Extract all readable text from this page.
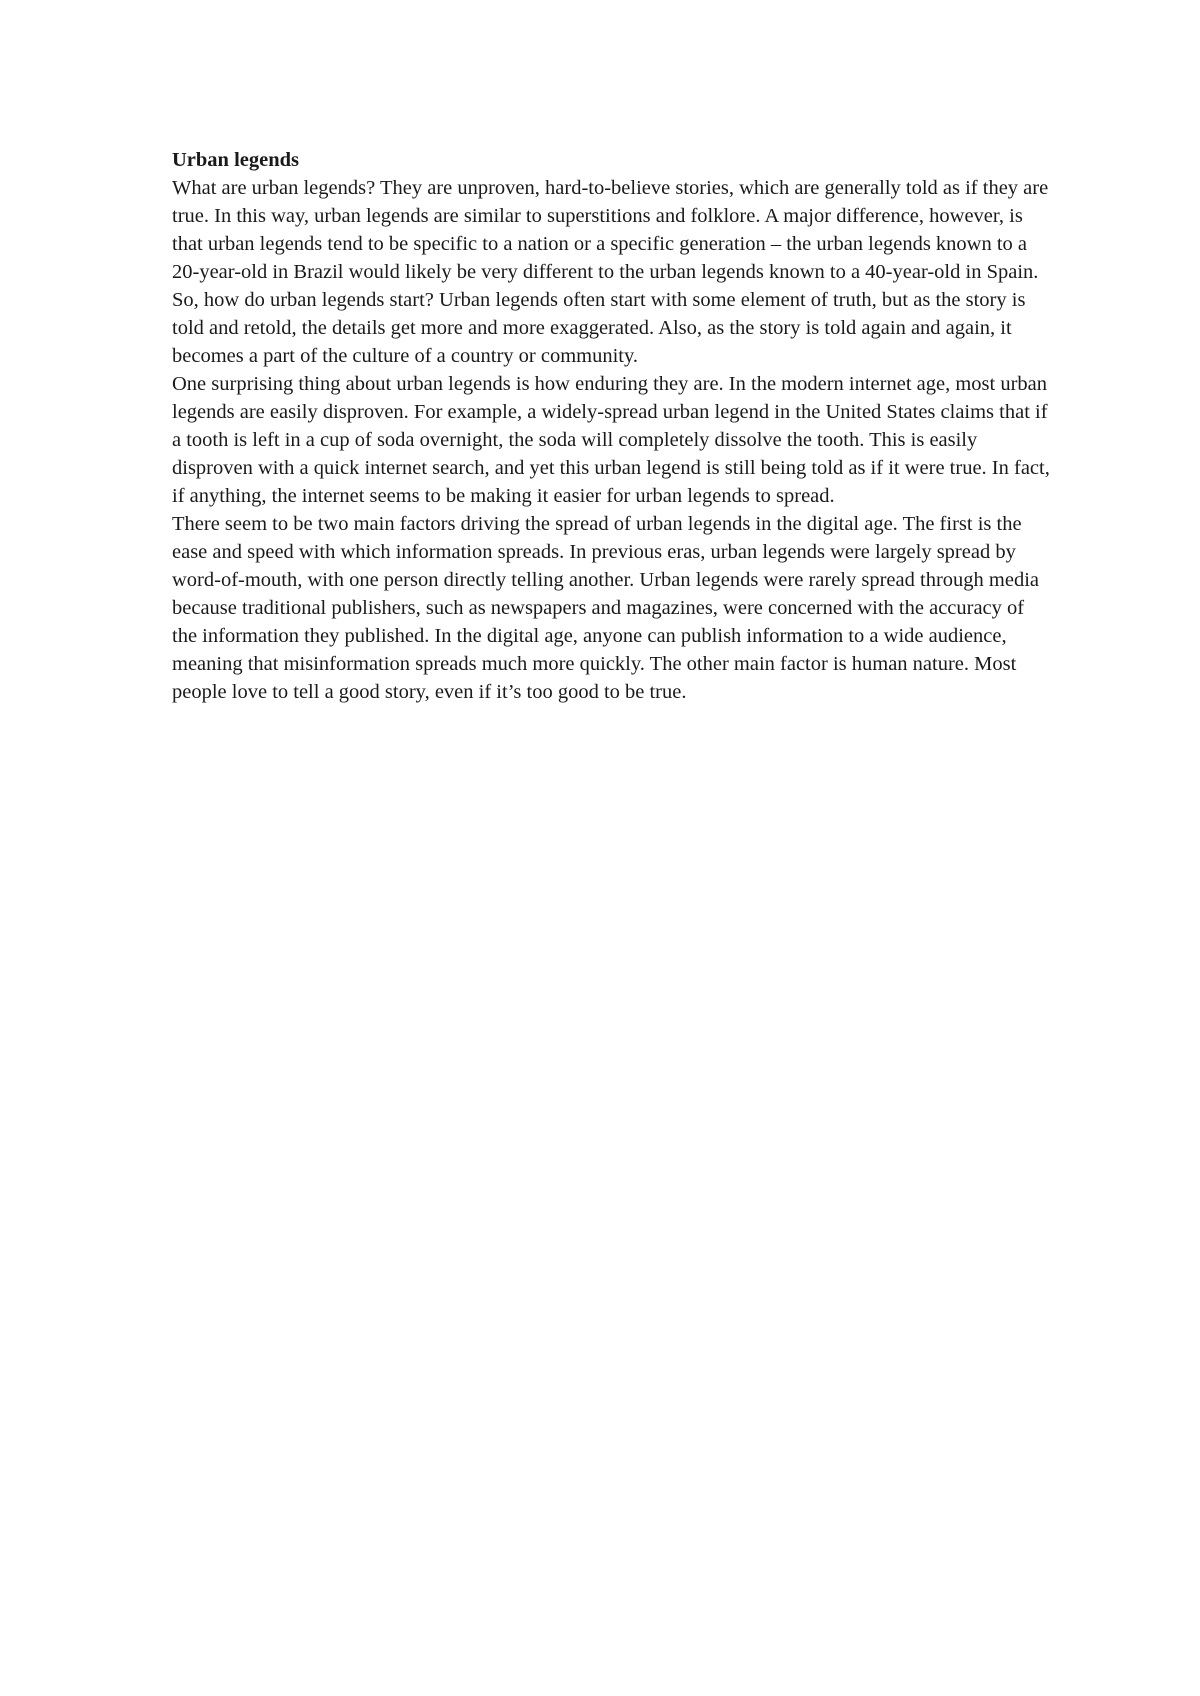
Urban legends

What are urban legends? They are unproven, hard-to-believe stories, which are generally told as if they are true. In this way, urban legends are similar to superstitions and folklore. A major difference, however, is that urban legends tend to be specific to a nation or a specific generation – the urban legends known to a 20-year-old in Brazil would likely be very different to the urban legends known to a 40-year-old in Spain.

So, how do urban legends start? Urban legends often start with some element of truth, but as the story is told and retold, the details get more and more exaggerated. Also, as the story is told again and again, it becomes a part of the culture of a country or community.

One surprising thing about urban legends is how enduring they are. In the modern internet age, most urban legends are easily disproven. For example, a widely-spread urban legend in the United States claims that if a tooth is left in a cup of soda overnight, the soda will completely dissolve the tooth. This is easily disproven with a quick internet search, and yet this urban legend is still being told as if it were true. In fact, if anything, the internet seems to be making it easier for urban legends to spread.

There seem to be two main factors driving the spread of urban legends in the digital age. The first is the ease and speed with which information spreads. In previous eras, urban legends were largely spread by word-of-mouth, with one person directly telling another. Urban legends were rarely spread through media because traditional publishers, such as newspapers and magazines, were concerned with the accuracy of the information they published. In the digital age, anyone can publish information to a wide audience, meaning that misinformation spreads much more quickly. The other main factor is human nature. Most people love to tell a good story, even if it’s too good to be true.
